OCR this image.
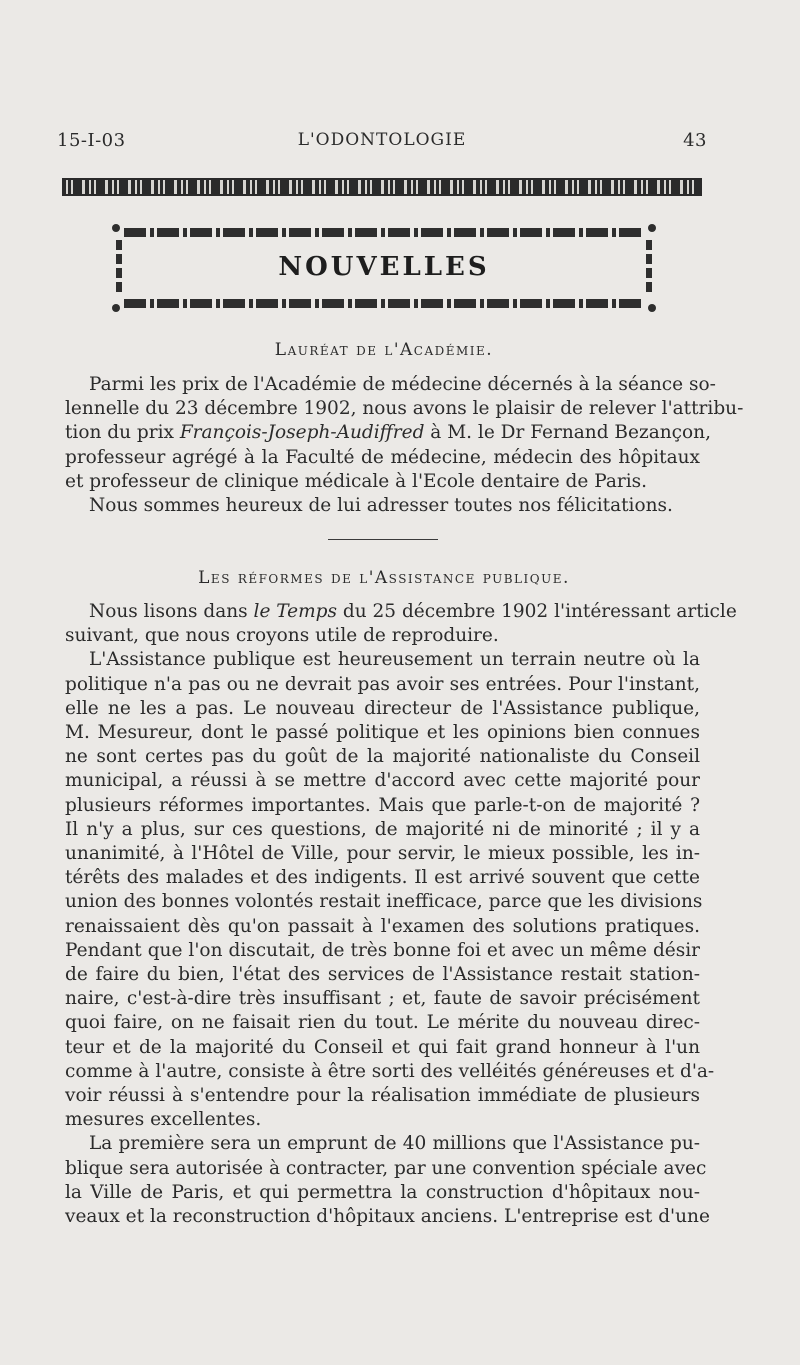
15-I-03	L'ODONTOLOGIE	43
NOUVELLES
Lauréat de l'Académie.
Parmi les prix de l'Académie de médecine décernés à la séance so-
lennelle du 23 décembre 1902, nous avons le plaisir de relever l'attribu-
tion du prix François-Joseph-Audiffred à M. le Dr Fernand Bezançon,
professeur agrégé à la Faculté de médecine, médecin des hôpitaux
et professeur de clinique médicale à l'Ecole dentaire de Paris.
Nous sommes heureux de lui adresser toutes nos félicitations.
Les réformes de l'Assistance publique.
Nous lisons dans le Temps du 25 décembre 1902 l'intéressant article
suivant, que nous croyons utile de reproduire.
L'Assistance publique est heureusement un terrain neutre où la
politique n'a pas ou ne devrait pas avoir ses entrées. Pour l'instant,
elle ne les a pas. Le nouveau directeur de l'Assistance publique,
M. Mesureur, dont le passé politique et les opinions bien connues
ne sont certes pas du goût de la majorité nationaliste du Conseil
municipal, a réussi à se mettre d'accord avec cette majorité pour
plusieurs réformes importantes. Mais que parle-t-on de majorité ?
Il n'y a plus, sur ces questions, de majorité ni de minorité ; il y a
unanimité, à l'Hôtel de Ville, pour servir, le mieux possible, les in-
térêts des malades et des indigents. Il est arrivé souvent que cette
union des bonnes volontés restait inefficace, parce que les divisions
renaissaient dès qu'on passait à l'examen des solutions pratiques.
Pendant que l'on discutait, de très bonne foi et avec un même désir
de faire du bien, l'état des services de l'Assistance restait station-
naire, c'est-à-dire très insuffisant ; et, faute de savoir précisément
quoi faire, on ne faisait rien du tout. Le mérite du nouveau direc-
teur et de la majorité du Conseil et qui fait grand honneur à l'un
comme à l'autre, consiste à être sorti des velléités généreuses et d'a-
voir réussi à s'entendre pour la réalisation immédiate de plusieurs
mesures excellentes.
La première sera un emprunt de 40 millions que l'Assistance pu-
blique sera autorisée à contracter, par une convention spéciale avec
la Ville de Paris, et qui permettra la construction d'hôpitaux nou-
veaux et la reconstruction d'hôpitaux anciens. L'entreprise est d'une
